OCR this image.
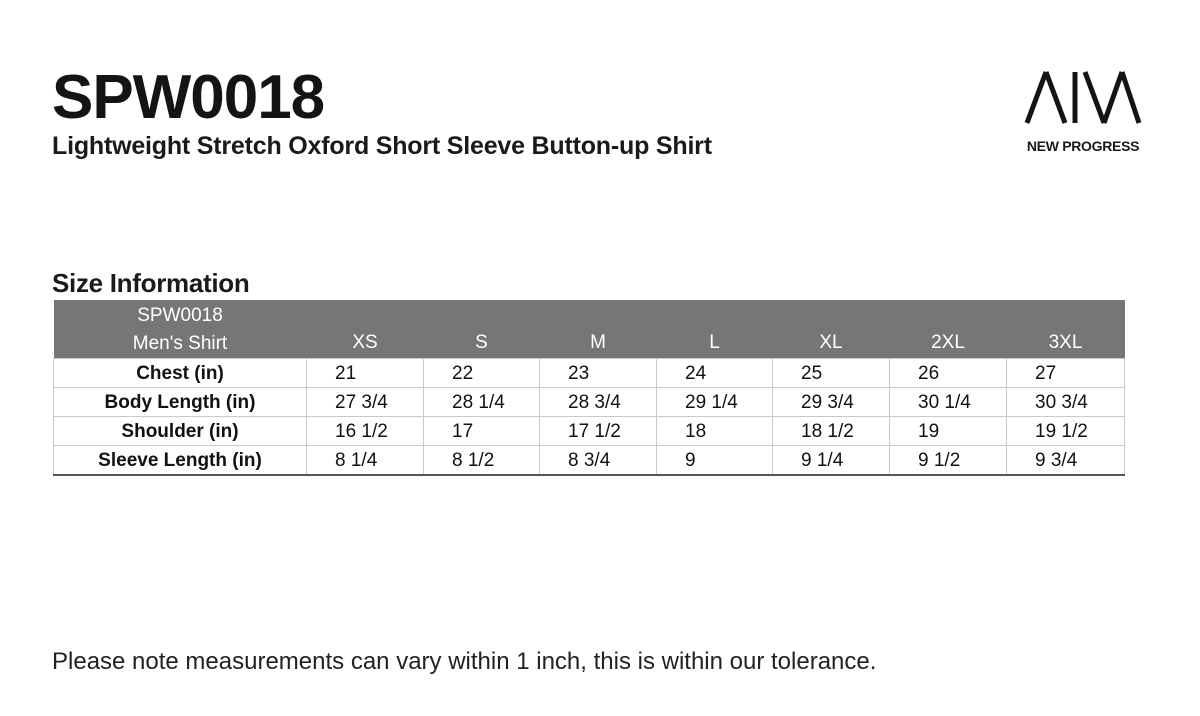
SPW0018
Lightweight Stretch Oxford Short Sleeve Button-up Shirt	NEW PROGRESS
Size Information
SPW0018
Men's Shirt	XS	S	M	L	XL	2XL	3XL
Chest (in)	21	22	23	24	25	26	27
Body Length (in)	27 3/4	28 1/4	28 3/4	29 1/4	29 3/4	30 1/4	30 3/4
Shoulder (in)	16 1/2	17	17 1/2	18	18 1/2	19	19 1/2
Sleeve Length (in)	8 1/4	8 1/2	8 3/4	9	9 1/4	9 1/2	9 3/4

Please note measurements can vary within 1 inch, this is within our tolerance.
